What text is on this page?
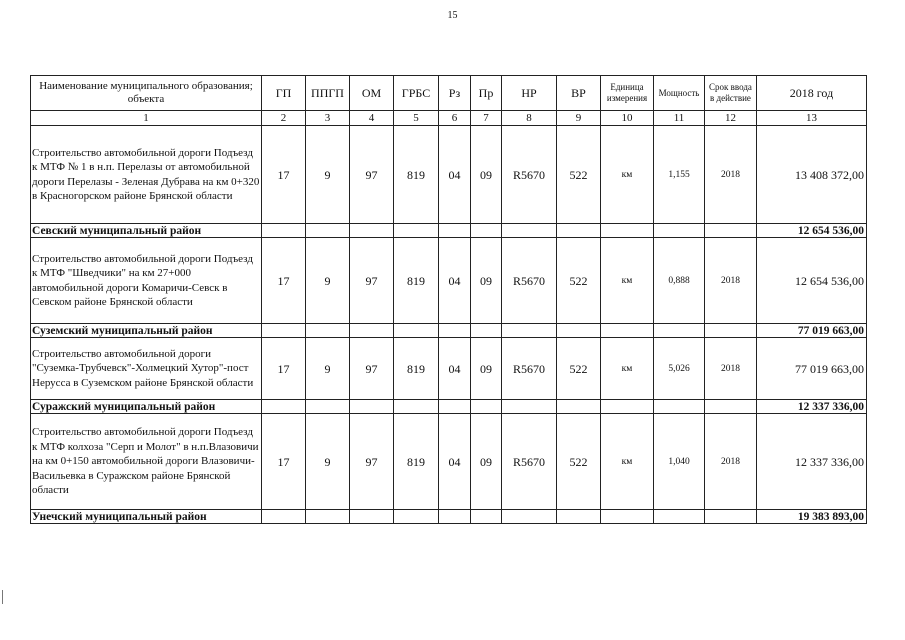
15
Наименование муниципального образования; объекта	ГП	ППГП	ОМ	ГРБС	Рз	Пр	НР	ВР	Единица измерения	Мощность	Срок ввода в действие	2018 год
1	2	3	4	5	6	7	8	9	10	11	12	13
Строительство автомобильной дороги Подъезд к МТФ № 1 в н.п. Перелазы от автомобильной дороги Перелазы - Зеленая Дубрава на км 0+320 в Красногорском районе Брянской области	17	9	97	819	04	09	R5670	522	км	1,155	2018	13 408 372,00
Севский муниципальный район												12 654 536,00
Строительство автомобильной дороги Подъезд к МТФ "Шведчики" на км 27+000 автомобильной дороги Комаричи-Севск в Севском районе Брянской области	17	9	97	819	04	09	R5670	522	км	0,888	2018	12 654 536,00
Суземский муниципальный район												77 019 663,00
Строительство автомобильной дороги "Суземка-Трубчевск"-Холмецкий Хутор"-пост Нерусса в Суземском районе Брянской области	17	9	97	819	04	09	R5670	522	км	5,026	2018	77 019 663,00
Суражский муниципальный район												12 337 336,00
Строительство автомобильной дороги Подъезд к МТФ колхоза "Серп и Молот" в н.п.Влазовичи на км 0+150 автомобильной дороги Влазовичи-Васильевка в Суражском районе Брянской области	17	9	97	819	04	09	R5670	522	км	1,040	2018	12 337 336,00
Унечский муниципальный район												19 383 893,00
